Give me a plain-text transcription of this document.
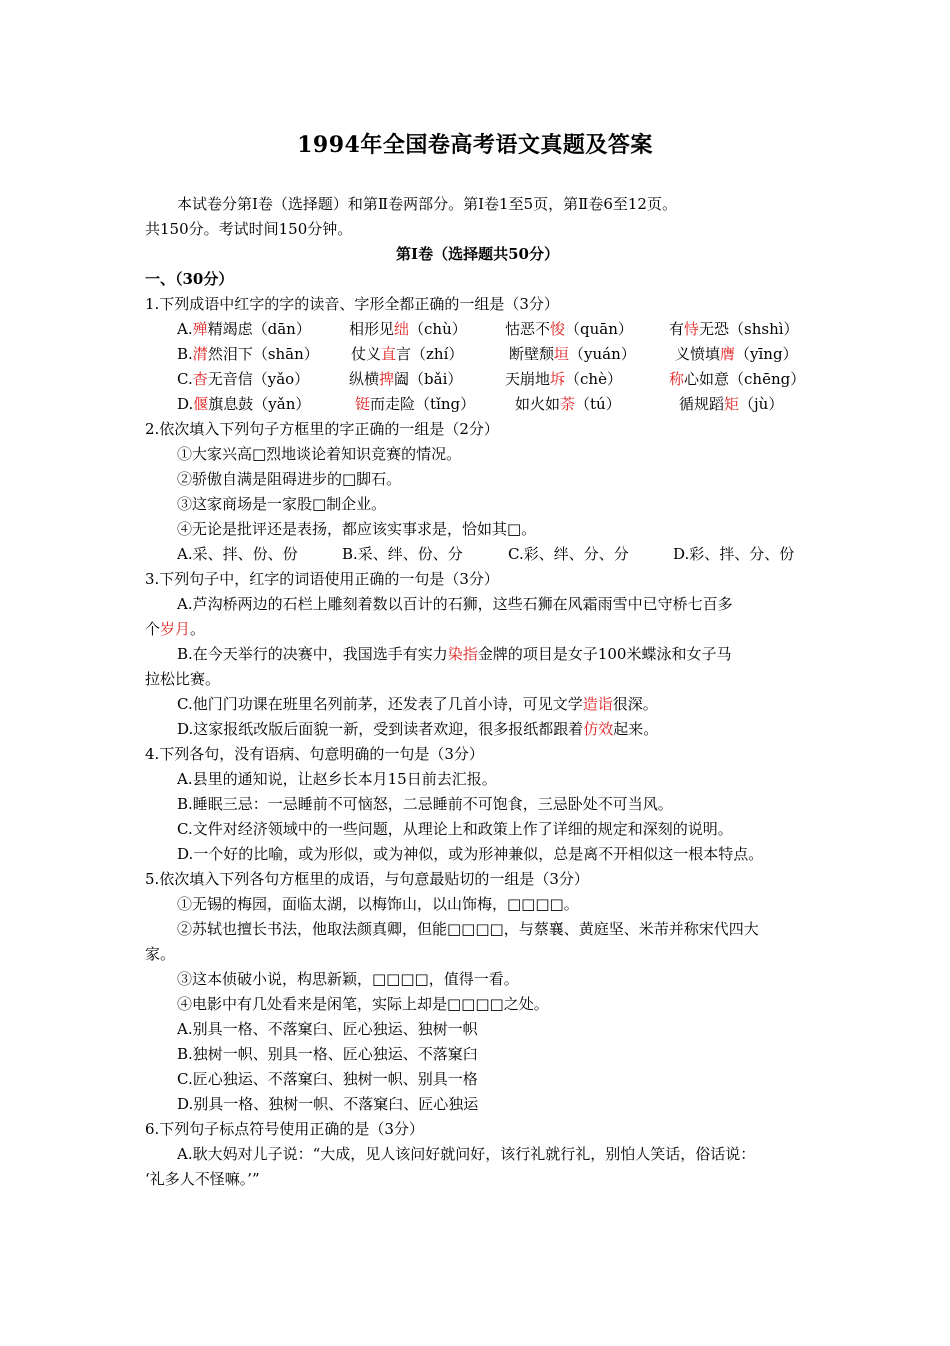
1994年全国卷高考语文真题及答案
本试卷分第Ⅰ卷（选择题）和第Ⅱ卷两部分。第Ⅰ卷1至5页，第Ⅱ卷6至12页。
共150分。考试时间150分钟。
第Ⅰ卷（选择题共50分）
一、（30分）
1.下列成语中红字的字的读音、字形全都正确的一组是（3分）
A.殚精竭虑（dān）	相形见绌（chù）	怙恶不悛（quān） 有恃无恐（shshì）
B.潸然泪下（shān） 仗义直言（zhí）	断壁颓垣（yuán）	义愤填膺（yīng）
C.杳无音信（yǎo）	纵横捭阖（bǎi）	天崩地坼（chè）	称心如意（chēng）
D.偃旗息鼓（yǎn）	铤而走险（tǐng）	如火如荼（tú）	循规蹈矩（jù）
2.依次填入下列句子方框里的字正确的一组是（2分）
①大家兴高□烈地谈论着知识竞赛的情况。
②骄傲自满是阻碍进步的□脚石。
③这家商场是一家股□制企业。
④无论是批评还是表扬，都应该实事求是，恰如其□。
A.采、拌、份、份	B.采、绊、份、分	C.彩、绊、分、分	D.彩、拌、分、份
3.下列句子中，红字的词语使用正确的一句是（3分）
A.芦沟桥两边的石栏上雕刻着数以百计的石狮，这些石狮在风霜雨雪中已守桥七百多
个岁月。
B.在今天举行的决赛中，我国选手有实力染指金牌的项目是女子100米蝶泳和女子马
拉松比赛。
C.他门门功课在班里名列前茅，还发表了几首小诗，可见文学造诣很深。
D.这家报纸改版后面貌一新，受到读者欢迎，很多报纸都跟着仿效起来。
4.下列各句，没有语病、句意明确的一句是（3分）
A.县里的通知说，让赵乡长本月15日前去汇报。
B.睡眠三忌：一忌睡前不可恼怒，二忌睡前不可饱食，三忌卧处不可当风。
C.文件对经济领域中的一些问题，从理论上和政策上作了详细的规定和深刻的说明。
D.一个好的比喻，或为形似，或为神似，或为形神兼似，总是离不开相似这一根本特点。
5.依次填入下列各句方框里的成语，与句意最贴切的一组是（3分）
①无锡的梅园，面临太湖，以梅饰山，以山饰梅，□□□□。
②苏轼也擅长书法，他取法颜真卿，但能□□□□，与蔡襄、黄庭坚、米芾并称宋代四大
家。
③这本侦破小说，构思新颖，□□□□，值得一看。
④电影中有几处看来是闲笔，实际上却是□□□□之处。
A.别具一格、不落窠臼、匠心独运、独树一帜
B.独树一帜、别具一格、匠心独运、不落窠臼
C.匠心独运、不落窠臼、独树一帜、别具一格
D.别具一格、独树一帜、不落窠臼、匠心独运
6.下列句子标点符号使用正确的是（3分）
A.耿大妈对儿子说：“大成，见人该问好就问好，该行礼就行礼，别怕人笑话，俗话说：
‘礼多人不怪嘛。’”
